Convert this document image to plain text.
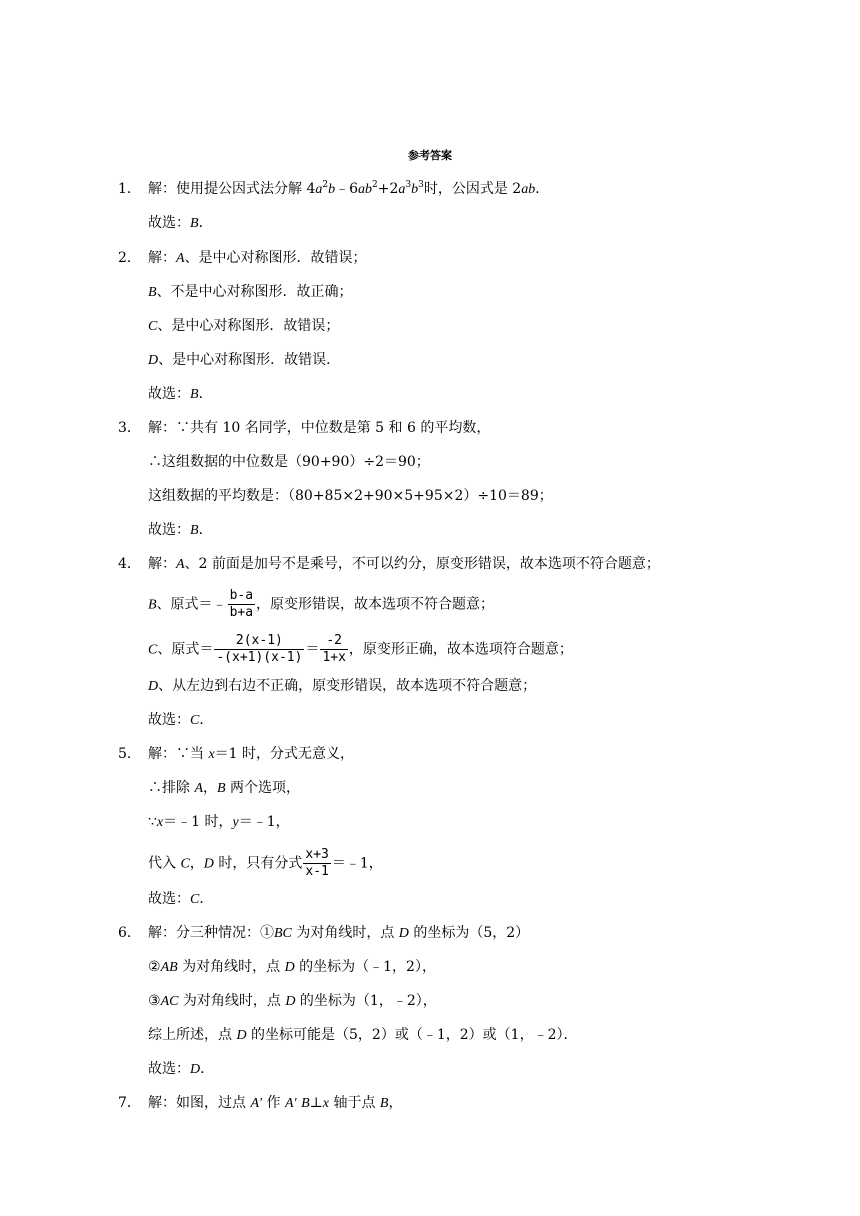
参考答案
1． 解：使用提公因式法分解 $4a^2b﹣6ab^2+2a^3b^3$时，公因式是 2ab．
故选：B．
2． 解：A、是中心对称图形．故错误；
B、不是中心对称图形．故正确；
C、是中心对称图形．故错误；
D、是中心对称图形．故错误．
故选：B．
3． 解：∵共有 10 名同学，中位数是第 5 和 6 的平均数，
∴这组数据的中位数是（90+90）÷2＝90；
这组数据的平均数是：（80+85×2+90×5+95×2）÷10＝89；
故选：B．
4． 解：A、2 前面是加号不是乘号，不可以约分，原变形错误，故本选项不符合题意；
B、原式＝﹣ $\frac{b-a}{b+a}$ ，原变形错误，故本选项不符合题意；
C、原式＝ $\frac{2(x-1)}{-(x+1)(x-1)} = \frac{-2}{1+x}$ ，原变形正确，故本选项符合题意；
D、从左边到右边不正确，原变形错误，故本选项不符合题意；
故选：C．
5． 解：∵当 x＝1 时，分式无意义，
∴排除 A，B 两个选项，
∵x＝﹣1 时，y＝﹣1，
代入 C，D 时，只有分式 $\frac{x+3}{x-1}$ ＝﹣1，
故选：C．
6． 解：分三种情况：①BC 为对角线时，点 D 的坐标为（5，2）
②AB 为对角线时，点 D 的坐标为（﹣1，2），
③AC 为对角线时，点 D 的坐标为（1，﹣2），
综上所述，点 D 的坐标可能是（5，2）或（﹣1，2）或（1，﹣2）．
故选：D．
7． 解：如图，过点 A′ 作 A′ B⊥x 轴于点 B，
